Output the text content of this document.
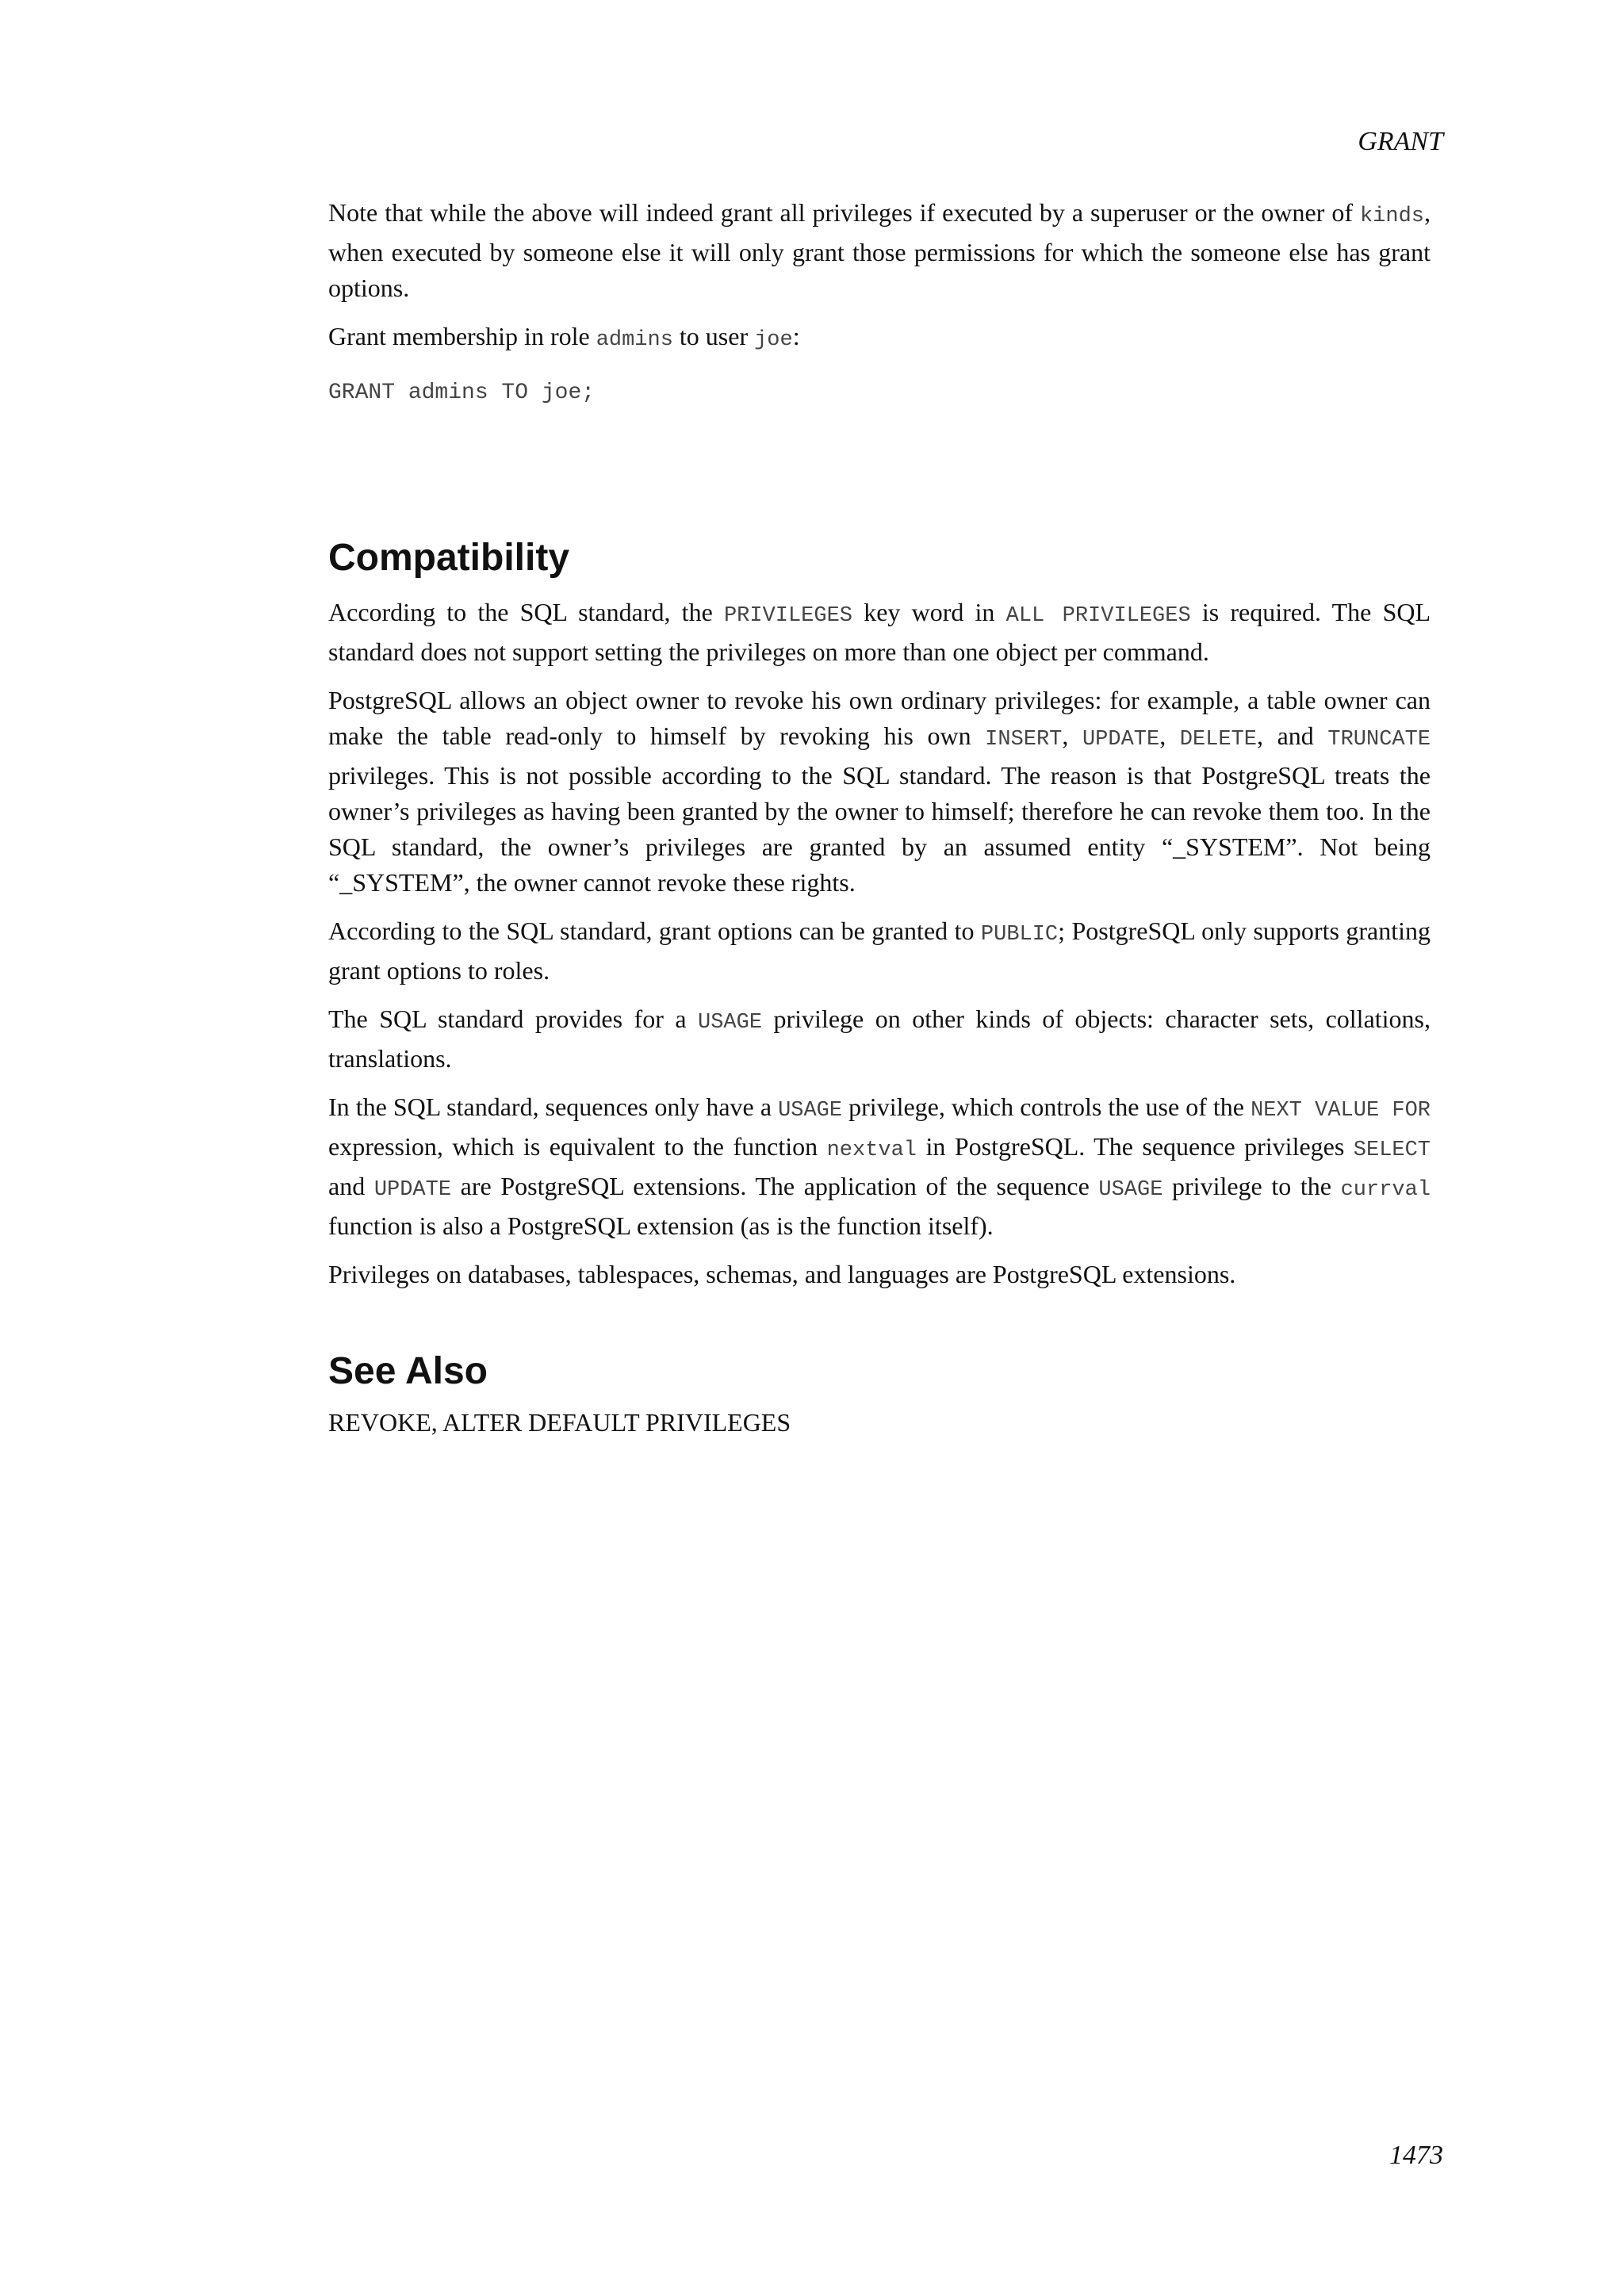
GRANT

Note that while the above will indeed grant all privileges if executed by a superuser or the owner of kinds, when executed by someone else it will only grant those permissions for which the someone else has grant options.

Grant membership in role admins to user joe:

GRANT admins TO joe;
Compatibility

According to the SQL standard, the PRIVILEGES key word in ALL PRIVILEGES is required. The SQL standard does not support setting the privileges on more than one object per command.

PostgreSQL allows an object owner to revoke his own ordinary privileges: for example, a table owner can make the table read-only to himself by revoking his own INSERT, UPDATE, DELETE, and TRUNCATE privileges. This is not possible according to the SQL standard. The reason is that PostgreSQL treats the owner’s privileges as having been granted by the owner to himself; therefore he can revoke them too. In the SQL standard, the owner’s privileges are granted by an assumed entity “_SYSTEM”. Not being “_SYSTEM”, the owner cannot revoke these rights.

According to the SQL standard, grant options can be granted to PUBLIC; PostgreSQL only supports granting grant options to roles.

The SQL standard provides for a USAGE privilege on other kinds of objects: character sets, collations, translations.

In the SQL standard, sequences only have a USAGE privilege, which controls the use of the NEXT VALUE FOR expression, which is equivalent to the function nextval in PostgreSQL. The sequence privileges SELECT and UPDATE are PostgreSQL extensions. The application of the sequence USAGE privilege to the currval function is also a PostgreSQL extension (as is the function itself).

Privileges on databases, tablespaces, schemas, and languages are PostgreSQL extensions.

See Also

REVOKE, ALTER DEFAULT PRIVILEGES

1473
